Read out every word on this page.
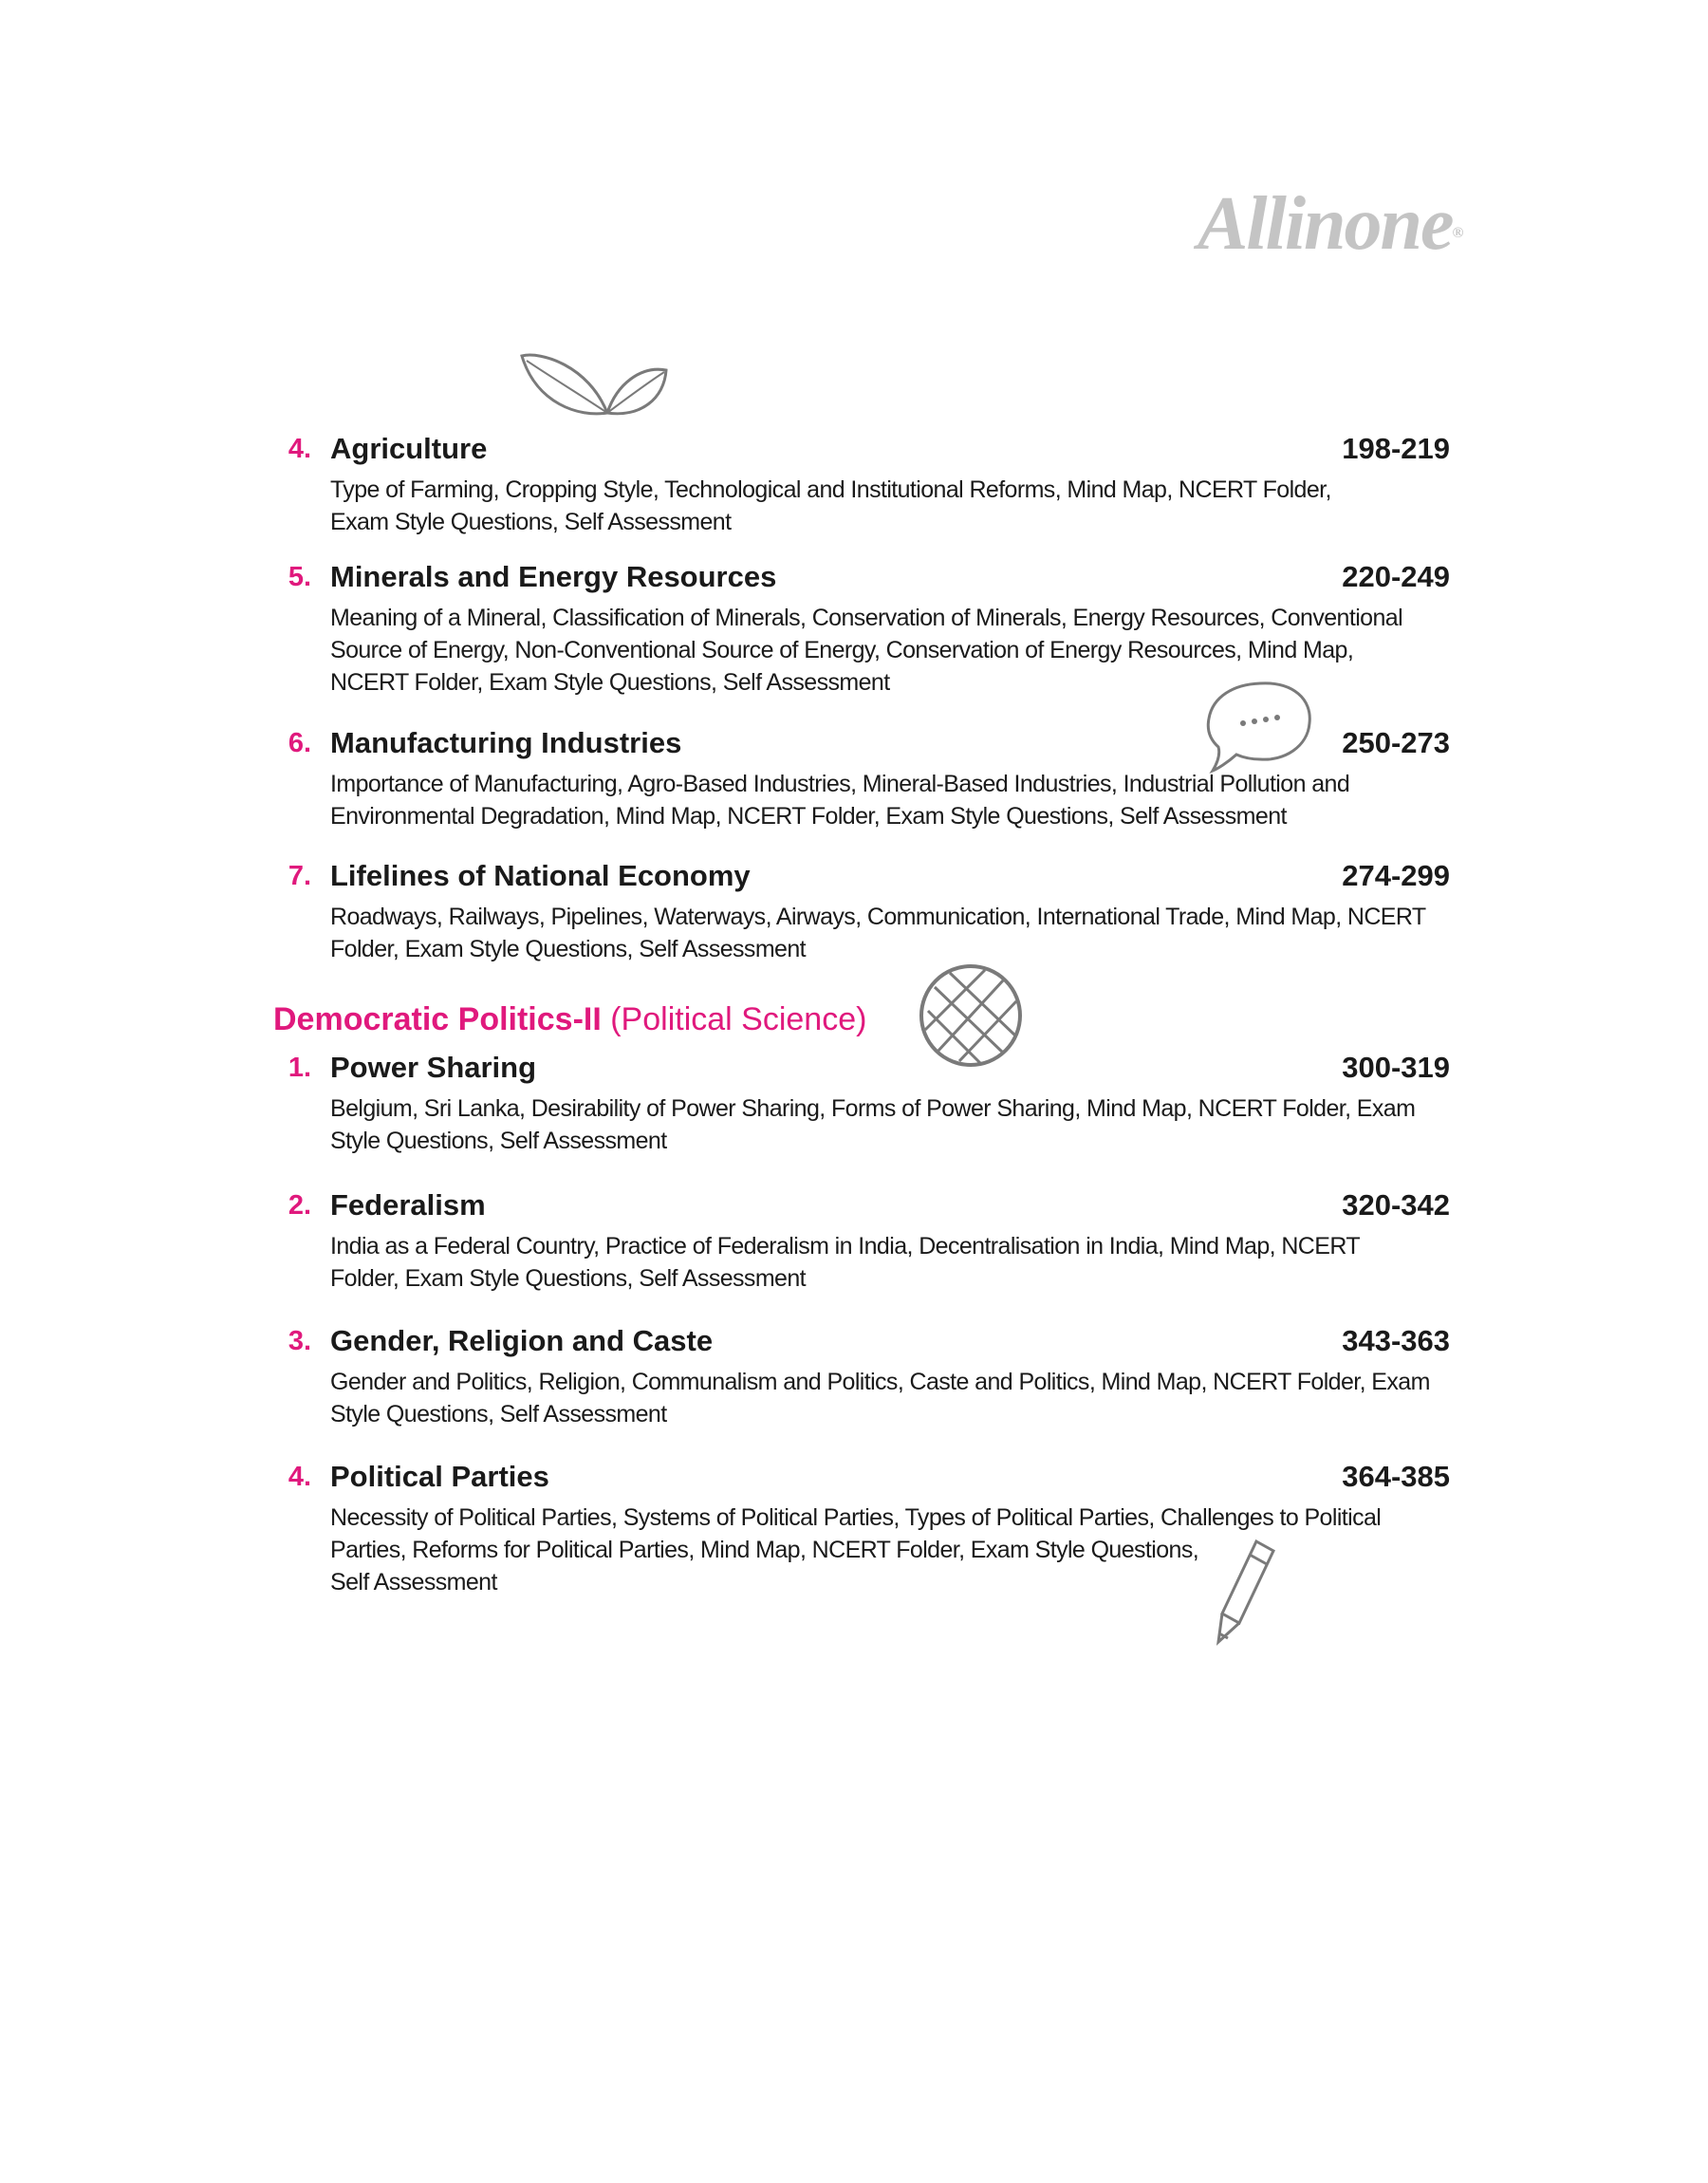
Allinone®
4. Agriculture	198-219
Type of Farming, Cropping Style, Technological and Institutional Reforms, Mind Map, NCERT Folder,
Exam Style Questions, Self Assessment
5. Minerals and Energy Resources	220-249
Meaning of a Mineral, Classification of Minerals, Conservation of Minerals, Energy Resources, Conventional
Source of Energy, Non-Conventional Source of Energy, Conservation of Energy Resources, Mind Map,
NCERT Folder, Exam Style Questions, Self Assessment
6. Manufacturing Industries	250-273
Importance of Manufacturing, Agro-Based Industries, Mineral-Based Industries, Industrial Pollution and
Environmental Degradation, Mind Map, NCERT Folder, Exam Style Questions, Self Assessment
7. Lifelines of National Economy	274-299
Roadways, Railways, Pipelines, Waterways, Airways, Communication, International Trade, Mind Map, NCERT
Folder, Exam Style Questions, Self Assessment
Democratic Politics-II (Political Science)
1. Power Sharing	300-319
Belgium, Sri Lanka, Desirability of Power Sharing, Forms of Power Sharing, Mind Map, NCERT Folder, Exam
Style Questions, Self Assessment
2. Federalism	320-342
India as a Federal Country, Practice of Federalism in India, Decentralisation in India, Mind Map, NCERT
Folder, Exam Style Questions, Self Assessment
3. Gender, Religion and Caste	343-363
Gender and Politics, Religion, Communalism and Politics, Caste and Politics, Mind Map, NCERT Folder, Exam
Style Questions, Self Assessment
4. Political Parties	364-385
Necessity of Political Parties, Systems of Political Parties, Types of Political Parties, Challenges to Political
Parties, Reforms for Political Parties, Mind Map, NCERT Folder, Exam Style Questions,
Self Assessment
